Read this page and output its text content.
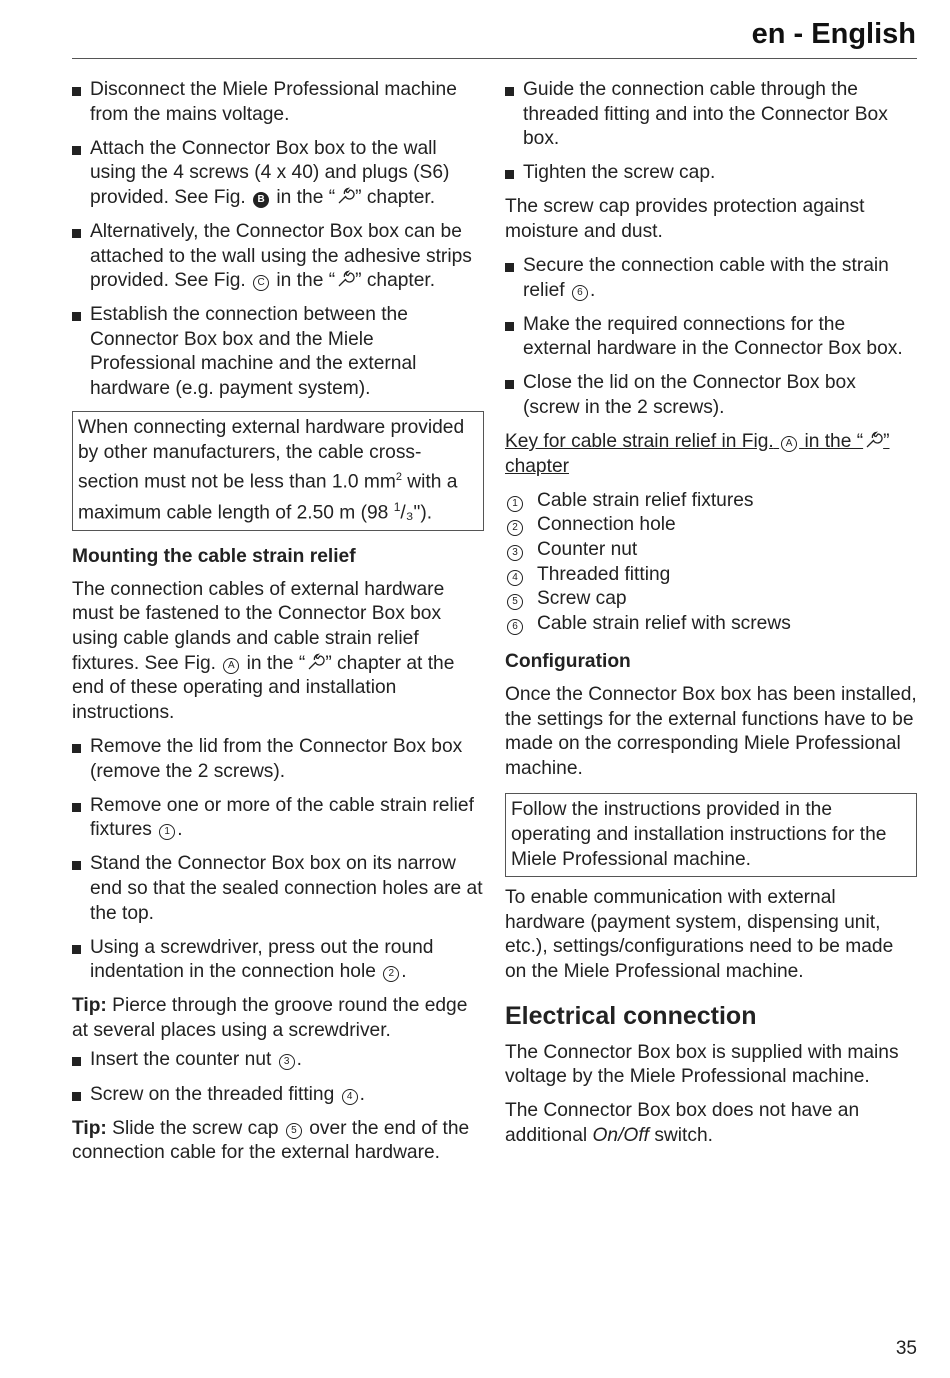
en - English
Disconnect the Miele Professional machine from the mains voltage.
Attach the Connector Box box to the wall using the 4 screws (4 x 40) and plugs (S6) provided. See Fig. B in the “ ” chapter.
Alternatively, the Connector Box box can be attached to the wall using the adhesive strips provided. See Fig. C in the “ ” chapter.
Establish the connection between the Connector Box box and the Miele Professional machine and the external hardware (e.g. payment system).
When connecting external hardware provided by other manufacturers, the cable cross-section must not be less than 1.0 $mm^2$ with a maximum cable length of 2.50 m (98 $^1$/₃").
Mounting the cable strain relief
The connection cables of external hardware must be fastened to the Connector Box box using cable glands and cable strain relief fixtures. See Fig. A in the “ ” chapter at the end of these operating and installation instructions.
Remove the lid from the Connector Box box (remove the 2 screws).
Remove one or more of the cable strain relief fixtures 1 .
Stand the Connector Box box on its narrow end so that the sealed connection holes are at the top.
Using a screwdriver, press out the round indentation in the connection hole 2 .
Tip: Pierce through the groove round the edge at several places using a screwdriver.
Insert the counter nut 3 .
Screw on the threaded fitting 4 .
Tip: Slide the screw cap 5 over the end of the connection cable for the external hardware.
Guide the connection cable through the threaded fitting and into the Connector Box box.
Tighten the screw cap.
The screw cap provides protection against moisture and dust.
Secure the connection cable with the strain relief 6 .
Make the required connections for the external hardware in the Connector Box box.
Close the lid on the Connector Box box (screw in the 2 screws).
Key for cable strain relief in Fig. A in the “ ” chapter
1 Cable strain relief fixtures
2 Connection hole
3 Counter nut
4 Threaded fitting
5 Screw cap
6 Cable strain relief with screws
Configuration
Once the Connector Box box has been installed, the settings for the external functions have to be made on the corresponding Miele Professional machine.
Follow the instructions provided in the operating and installation instructions for the Miele Professional machine.
To enable communication with external hardware (payment system, dispensing unit, etc.), settings/configurations need to be made on the Miele Professional machine.
Electrical connection
The Connector Box box is supplied with mains voltage by the Miele Professional machine.
The Connector Box box does not have an additional On/Off switch.
35
